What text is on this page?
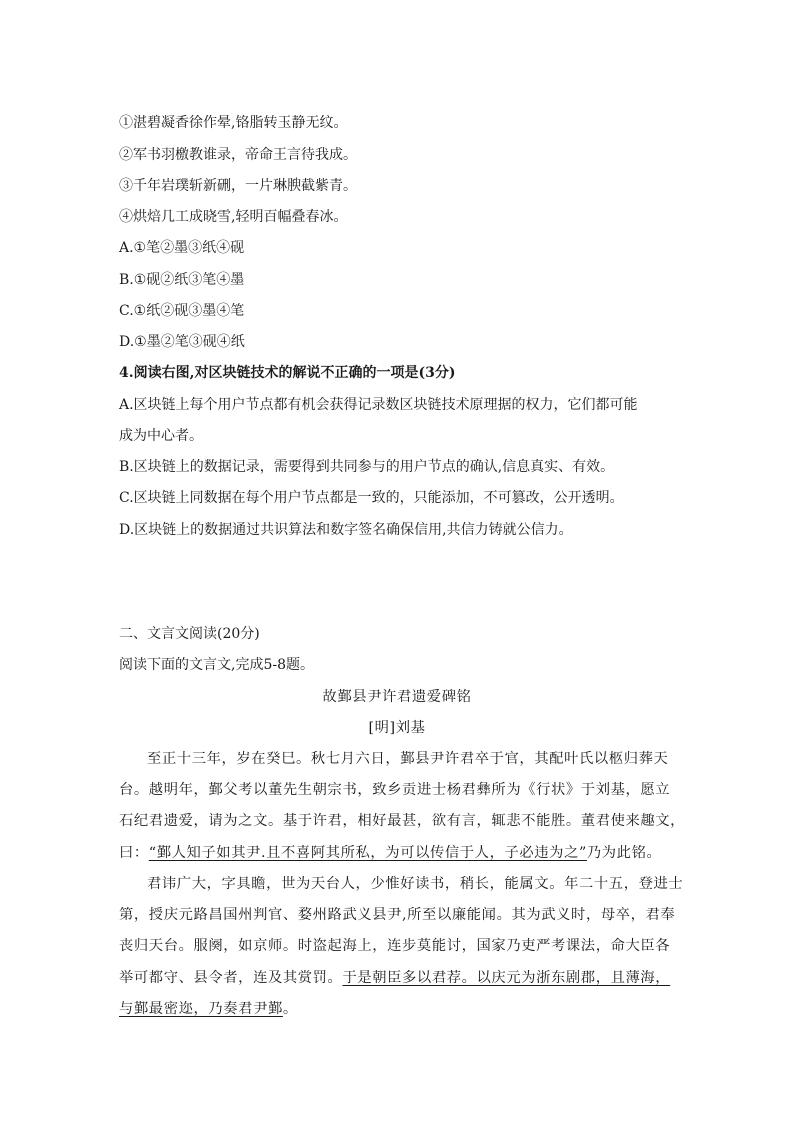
①湛碧凝香徐作晕,铬脂转玉静无纹。
②军书羽檄教谁录，帝命王言待我成。
③千年岩璞斩新硎，一片琳腴截紫青。
④烘焙几工成晓雪,轻明百幅叠春冰。
A.①笔②墨③纸④砚
B.①砚②纸③笔④墨
C.①纸②砚③墨④笔
D.①墨②笔③砚④纸
4.阅读右图,对区块链技术的解说不正确的一项是(3分)
A.区块链上每个用户节点都有机会获得记录数区块链技术原理据的权力，它们都可能
成为中心者。
B.区块链上的数据记录，需要得到共同参与的用户节点的确认,信息真实、有效。
C.区块链上同数据在每个用户节点都是一致的，只能添加，不可篡改，公开透明。
D.区块链上的数据通过共识算法和数字签名确保信用,共信力铸就公信力。
二、文言文阅读(20分)
阅读下面的文言文,完成5-8题。
故鄞县尹许君遗爱碑铭
[明]刘基
至正十三年，岁在癸巳。秋七月六日，鄞县尹许君卒于官，其配叶氏以柩归葬天
台。越明年，鄞父考以董先生朝宗书，致乡贡进士杨君彝所为《行状》于刘基，愿立
石纪君遗爱，请为之文。基于许君，相好最甚，欲有言，辄悲不能胜。董君使来趣文，
曰：“鄞人知子如其尹.且不喜阿其所私，为可以传信于人，子必违为之”乃为此铭。
君讳广大，字具瞻，世为天台人，少惟好读书，稍长，能属文。年二十五，登进士
第，授庆元路昌国州判官、婺州路武义县尹,所至以廉能闻。其为武义时，母卒，君奉
丧归天台。服阕，如京师。时盗起海上，连步莫能讨，国家乃吏严考课法，命大臣各
举可都守、县令者，连及其赏罚。于是朝臣多以君荐。以庆元为浙东剧郡，且薄海，
与鄞最密迩，乃奏君尹鄞。
